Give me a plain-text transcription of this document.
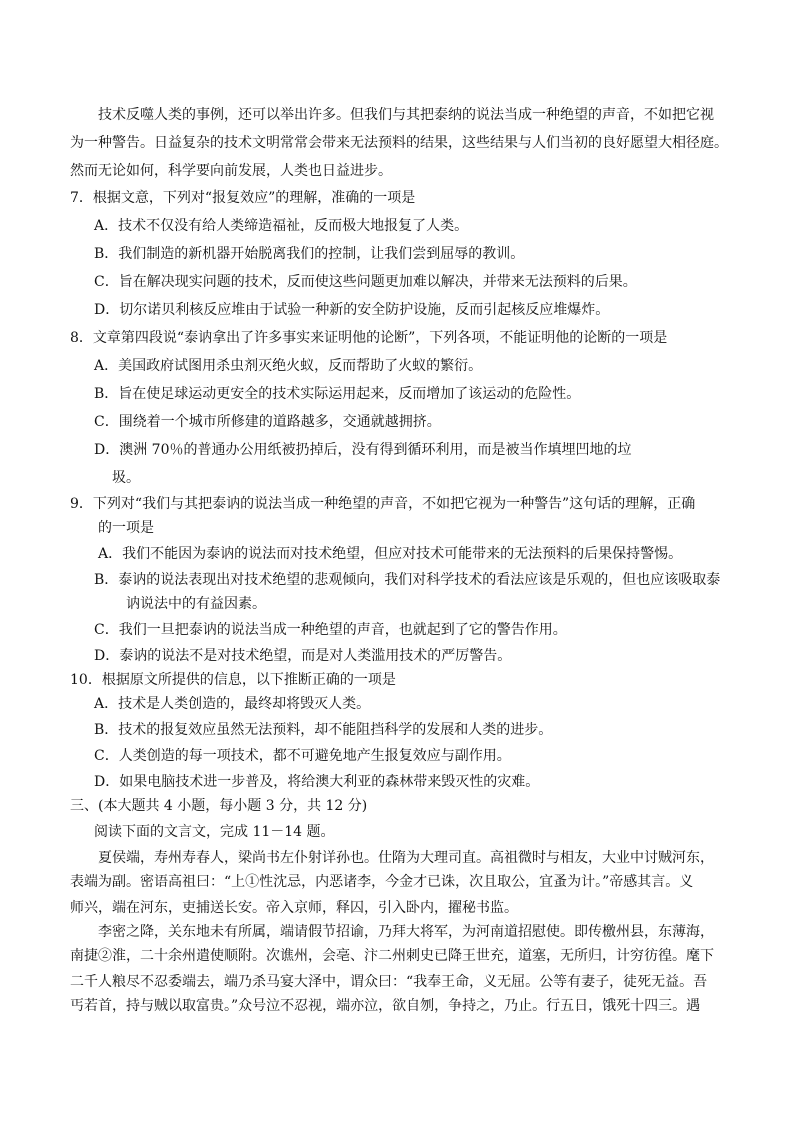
技术反噬人类的事例，还可以举出许多。但我们与其把泰纳的说法当成一种绝望的声音，不如把它视
为一种警告。日益复杂的技术文明常常会带来无法预料的结果，这些结果与人们当初的良好愿望大相径庭。
然而无论如何，科学要向前发展，人类也日益进步。
7．根据文意，下列对“报复效应”的理解，准确的一项是
A．技术不仅没有给人类缔造福祉，反而极大地报复了人类。
B．我们制造的新机器开始脱离我们的控制，让我们尝到屈辱的教训。
C．旨在解决现实问题的技术，反而使这些问题更加难以解决，并带来无法预料的后果。
D．切尔诺贝利核反应堆由于试验一种新的安全防护设施，反而引起核反应堆爆炸。
8．文章第四段说“泰讷拿出了许多事实来证明他的论断”，下列各项，不能证明他的论断的一项是
A．美国政府试图用杀虫剂灭绝火蚁，反而帮助了火蚁的繁衍。
B．旨在使足球运动更安全的技术实际运用起来，反而增加了该运动的危险性。
C．围绕着一个城市所修建的道路越多，交通就越拥挤。
D．澳洲 70％的普通办公用纸被扔掉后，没有得到循环利用，而是被当作填埋凹地的垃
圾。
9．下列对“我们与其把泰讷的说法当成一种绝望的声音，不如把它视为一种警告”这句话的理解，正确
的一项是
A．我们不能因为泰讷的说法而对技术绝望，但应对技术可能带来的无法预料的后果保持警惕。
B．泰讷的说法表现出对技术绝望的悲观倾向，我们对科学技术的看法应该是乐观的，但也应该吸取泰
讷说法中的有益因素。
C．我们一旦把泰讷的说法当成一种绝望的声音，也就起到了它的警告作用。
D．泰讷的说法不是对技术绝望，而是对人类滥用技术的严厉警告。
10．根据原文所提供的信息，以下推断正确的一项是
A．技术是人类创造的，最终却将毁灭人类。
B．技术的报复效应虽然无法预料，却不能阻挡科学的发展和人类的进步。
C．人类创造的每一项技术，都不可避免地产生报复效应与副作用。
D．如果电脑技术进一步普及，将给澳大利亚的森林带来毁灭性的灾难。
三、(本大题共 4 小题，每小题 3 分，共 12 分)
阅读下面的文言文，完成 11－14 题。
夏侯端，寿州寿春人，梁尚书左仆射详孙也。仕隋为大理司直。高祖微时与相友，大业中讨贼河东，
表端为副。密语高祖曰：“上①性沈忌，内恶诸李，今金才已诛，次且取公，宜蚤为计。”帝感其言。义
师兴，端在河东，吏捕送长安。帝入京师，释囚，引入卧内，擢秘书监。
李密之降，关东地未有所属，端请假节招谕，乃拜大将军，为河南道招慰使。即传檄州县，东薄海，
南捷②淮，二十余州遣使顺附。次谯州，会亳、汴二州刺史已降王世充，道塞，无所归，计穷彷徨。麾下
二千人粮尽不忍委端去，端乃杀马宴大泽中，谓众曰：“我奉王命，义无屈。公等有妻子，徒死无益。吾
丐若首，持与贼以取富贵。”众号泣不忍视，端亦泣，欲自刎，争持之，乃止。行五日，饿死十四三。遇
